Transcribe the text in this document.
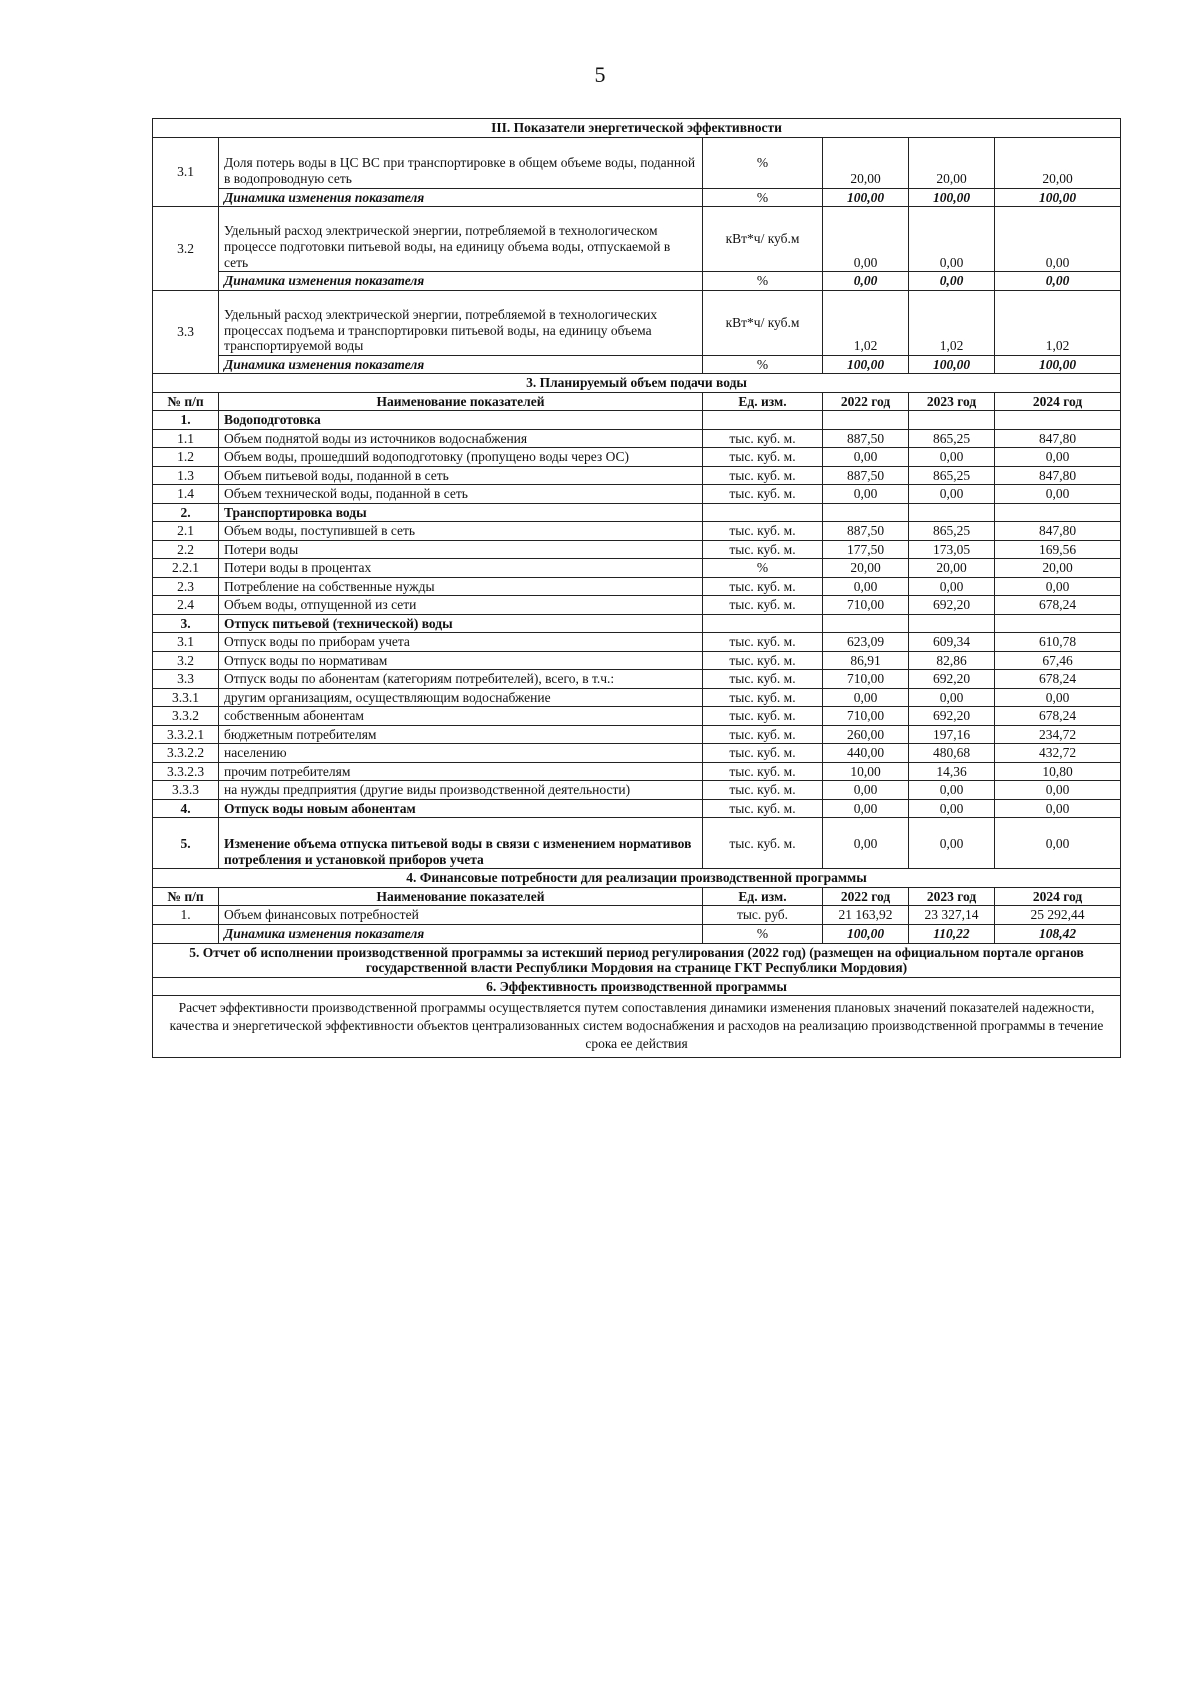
5
III. Показатели энергетической эффективности					
3.1	Доля потерь воды в ЦС ВС при транспортировке в общем объеме воды, поданной в водопроводную сеть	%	20,00	20,00	20,00
	Динамика изменения показателя	%	100,00	100,00	100,00
3.2	Удельный расход электрической энергии, потребляемой в технологическом процессе подготовки питьевой воды, на единицу объема воды, отпускаемой в сеть	кВт*ч/ куб.м	0,00	0,00	0,00
	Динамика изменения показателя	%	0,00	0,00	0,00
3.3	Удельный расход электрической энергии, потребляемой в технологических процессах подъема и транспортировки питьевой воды, на единицу объема транспортируемой воды	кВт*ч/ куб.м	1,02	1,02	1,02
	Динамика изменения показателя	%	100,00	100,00	100,00
3. Планируемый объем подачи воды					
№ п/п	Наименование показателей	Ед. изм.	2022 год	2023 год	2024 год
1.	Водоподготовка				
1.1	Объем поднятой воды из источников водоснабжения	тыс. куб. м.	887,50	865,25	847,80
1.2	Объем воды, прошедший водоподготовку (пропущено воды через ОС)	тыс. куб. м.	0,00	0,00	0,00
1.3	Объем питьевой воды, поданной в сеть	тыс. куб. м.	887,50	865,25	847,80
1.4	Объем технической воды, поданной в сеть	тыс. куб. м.	0,00	0,00	0,00
2.	Транспортировка воды				
2.1	Объем воды, поступившей в сеть	тыс. куб. м.	887,50	865,25	847,80
2.2	Потери воды	тыс. куб. м.	177,50	173,05	169,56
2.2.1	Потери воды в процентах	%	20,00	20,00	20,00
2.3	Потребление на собственные нужды	тыс. куб. м.	0,00	0,00	0,00
2.4	Объем воды, отпущенной из сети	тыс. куб. м.	710,00	692,20	678,24
3.	Отпуск питьевой (технической) воды				
3.1	Отпуск воды по приборам учета	тыс. куб. м.	623,09	609,34	610,78
3.2	Отпуск воды по нормативам	тыс. куб. м.	86,91	82,86	67,46
3.3	Отпуск воды по абонентам (категориям потребителей), всего, в т.ч.:	тыс. куб. м.	710,00	692,20	678,24
3.3.1	другим организациям, осуществляющим водоснабжение	тыс. куб. м.	0,00	0,00	0,00
3.3.2	собственным абонентам	тыс. куб. м.	710,00	692,20	678,24
3.3.2.1	бюджетным потребителям	тыс. куб. м.	260,00	197,16	234,72
3.3.2.2	населению	тыс. куб. м.	440,00	480,68	432,72
3.3.2.3	прочим потребителям	тыс. куб. м.	10,00	14,36	10,80
3.3.3	на нужды предприятия (другие виды производственной деятельности)	тыс. куб. м.	0,00	0,00	0,00
4.	Отпуск воды новым абонентам	тыс. куб. м.	0,00	0,00	0,00
5.	Изменение объема отпуска питьевой воды в связи с изменением нормативов потребления и установкой приборов учета	тыс. куб. м.	0,00	0,00	0,00
4. Финансовые потребности для реализации производственной программы					
№ п/п	Наименование показателей	Ед. изм.	2022 год	2023 год	2024 год
1.	Объем финансовых потребностей	тыс. руб.	21 163,92	23 327,14	25 292,44
	Динамика изменения показателя	%	100,00	110,22	108,42
5. Отчет об исполнении производственной программы за истекший период регулирования (2022 год) (размещен на официальном портале органов государственной власти Республики Мордовия на странице ГКТ Республики Мордовия)					
6. Эффективность производственной программы					
Расчет эффективности производственной программы осуществляется путем сопоставления динамики изменения плановых значений показателей надежности, качества и энергетической эффективности объектов централизованных систем водоснабжения и расходов на реализацию производственной программы в течение срока ее действия					
